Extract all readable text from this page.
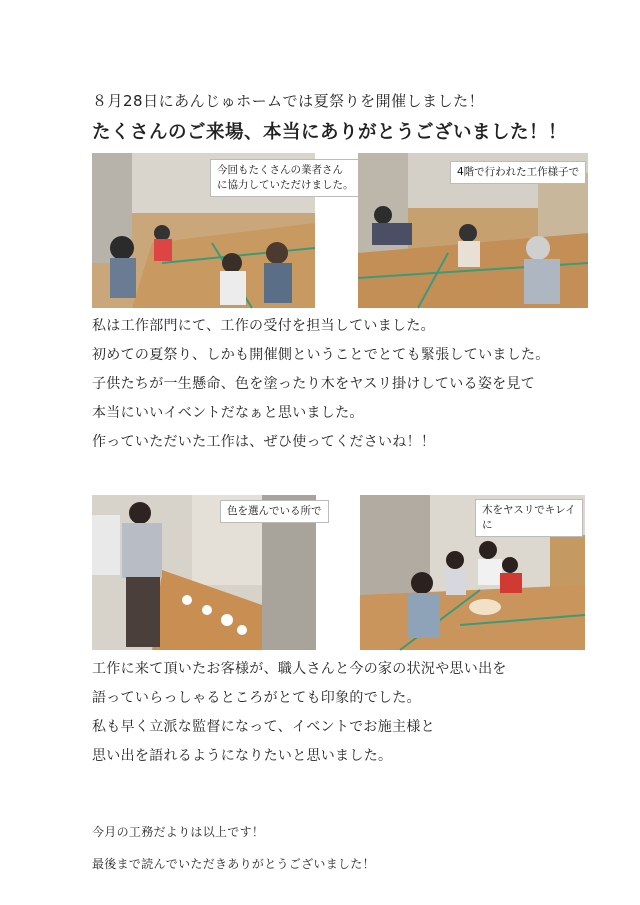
８月28日にあんじゅホームでは夏祭りを開催しました！
たくさんのご来場、本当にありがとうございました！！
今回もたくさんの業者さん
に協力していただけました。
4階で行われた工作様子で
私は工作部門にて、工作の受付を担当していました。
初めての夏祭り、しかも開催側ということでとても緊張していました。
子供たちが一生懸命、色を塗ったり木をヤスリ掛けしている姿を見て
本当にいいイベントだなぁと思いました。
作っていただいた工作は、ぜひ使ってくださいね！！
色を選んでいる所で	木をヤスリでキレイ
に
工作に来て頂いたお客様が、職人さんと今の家の状況や思い出を
語っていらっしゃるところがとても印象的でした。
私も早く立派な監督になって、イベントでお施主様と
思い出を語れるようになりたいと思いました。
今月の工務だよりは以上です！
最後まで読んでいただきありがとうございました！
